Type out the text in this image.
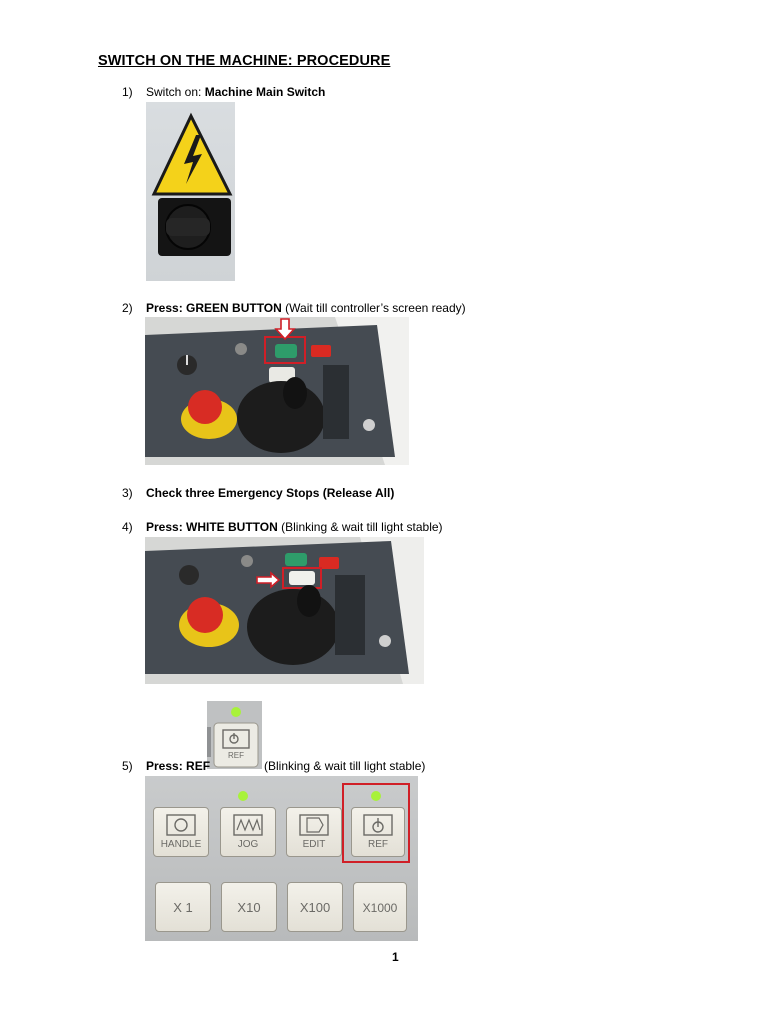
SWITCH ON THE MACHINE: PROCEDURE
1) Switch on: Machine Main Switch
2) Press: GREEN BUTTON (Wait till controller’s screen ready)
3) Check three Emergency Stops (Release All)
4) Press: WHITE BUTTON (Blinking & wait till light stable)
REF
5) Press: REF	(Blinking & wait till light stable)
HANDLE	JOG	EDIT	REF
X 1	X10	X100	X1000
1
